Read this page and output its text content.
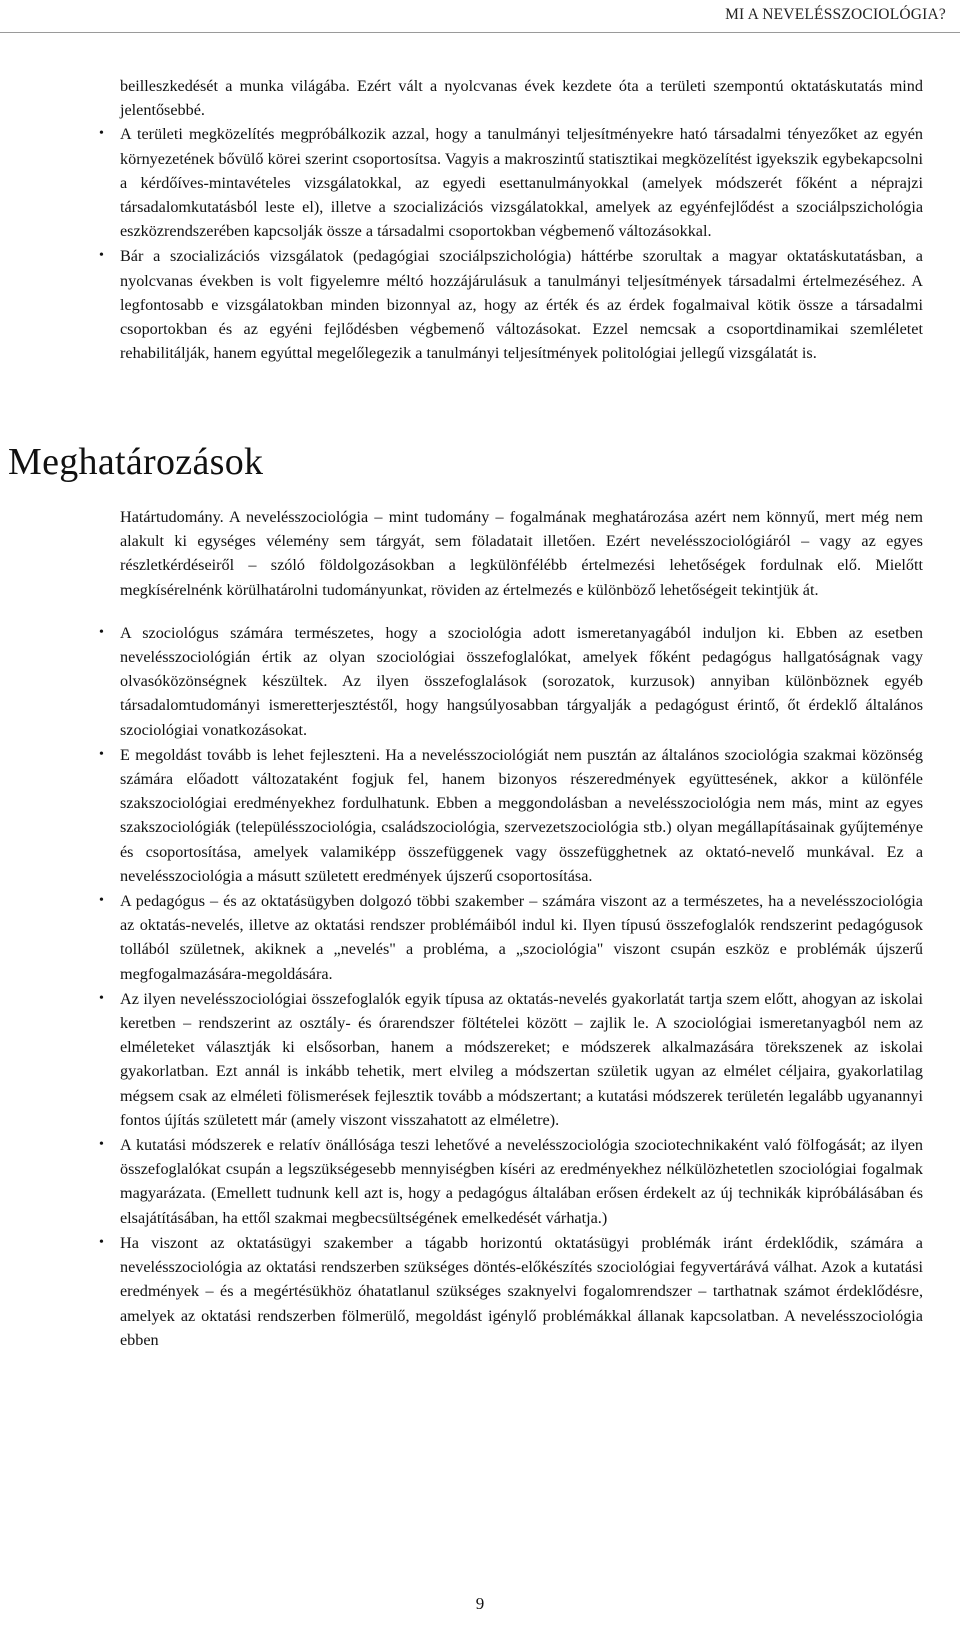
MI A NEVELÉSSZOCIOLÓGIA?

beilleszkedését a munka világába. Ezért vált a nyolcvanas évek kezdete óta a területi szempontú oktatáskutatás mind jelentősebbé.

• A területi megközelítés megpróbálkozik azzal, hogy a tanulmányi teljesítményekre ható társadalmi tényezőket az egyén környezetének bővülő körei szerint csoportosítsa. Vagyis a makroszintű statisztikai megközelítést igyekszik egybekapcsolni a kérdőíves-mintavételes vizsgálatokkal, az egyedi esettanulmányokkal (amelyek módszerét főként a néprajzi társadalomkutatásból leste el), illetve a szocializációs vizsgálatokkal, amelyek az egyénfejlődést a szociálpszichológia eszközrendszerében kapcsolják össze a társadalmi csoportokban végbemenő változásokkal.
• Bár a szocializációs vizsgálatok (pedagógiai szociálpszichológia) háttérbe szorultak a magyar oktatáskutatásban, a nyolcvanas években is volt figyelemre méltó hozzájárulásuk a tanulmányi teljesítmények társadalmi értelmezéséhez. A legfontosabb e vizsgálatokban minden bizonnyal az, hogy az érték és az érdek fogalmaival kötik össze a társadalmi csoportokban és az egyéni fejlődésben végbemenő változásokat. Ezzel nemcsak a csoportdinamikai szemléletet rehabilitálják, hanem egyúttal megelőlegezik a tanulmányi teljesítmények politológiai jellegű vizsgálatát is.
Meghatározások

Határtudomány. A nevelésszociológia – mint tudomány – fogalmának meghatározása azért nem könnyű, mert még nem alakult ki egységes vélemény sem tárgyát, sem föladatait illetően. Ezért nevelésszociológiáról – vagy az egyes részletkérdéseiről – szóló földolgozásokban a legkülönfélébb értelmezési lehetőségek fordulnak elő. Mielőtt megkísérelnénk körülhatárolni tudományunkat, röviden az értelmezés e különböző lehetőségeit tekintjük át.

• A szociológus számára természetes, hogy a szociológia adott ismeretanyagából induljon ki. Ebben az esetben nevelésszociológián értik az olyan szociológiai összefoglalókat, amelyek főként pedagógus hallgatóságnak vagy olvasóközönségnek készültek. Az ilyen összefoglalások (sorozatok, kurzusok) annyiban különböznek egyéb társadalomtudományi ismeretterjesztéstől, hogy hangsúlyosabban tárgyalják a pedagógust érintő, őt érdeklő általános szociológiai vonatkozásokat.
• E megoldást tovább is lehet fejleszteni. Ha a nevelésszociológiát nem pusztán az általános szociológia szakmai közönség számára előadott változataként fogjuk fel, hanem bizonyos részeredmények együttesének, akkor a különféle szakszociológiai eredményekhez fordulhatunk. Ebben a meggondolásban a nevelésszociológia nem más, mint az egyes szakszociológiák (településszociológia, családszociológia, szervezetszociológia stb.) olyan megállapításainak gyűjteménye és csoportosítása, amelyek valamiképp összefüggenek vagy összefügghetnek az oktató-nevelő munkával. Ez a nevelésszociológia a másutt született eredmények újszerű csoportosítása.
• A pedagógus – és az oktatásügyben dolgozó többi szakember – számára viszont az a természetes, ha a nevelésszociológia az oktatás-nevelés, illetve az oktatási rendszer problémáiból indul ki. Ilyen típusú összefoglalók rendszerint pedagógusok tollából születnek, akiknek a „nevelés" a probléma, a „szociológia" viszont csupán eszköz e problémák újszerű megfogalmazására-megoldására.
• Az ilyen nevelésszociológiai összefoglalók egyik típusa az oktatás-nevelés gyakorlatát tartja szem előtt, ahogyan az iskolai keretben – rendszerint az osztály- és órarendszer föltételei között – zajlik le. A szociológiai ismeretanyagból nem az elméleteket választják ki elsősorban, hanem a módszereket; e módszerek alkalmazására törekszenek az iskolai gyakorlatban. Ezt annál is inkább tehetik, mert elvileg a módszertan születik ugyan az elmélet céljaira, gyakorlatilag mégsem csak az elméleti fölismerések fejlesztik tovább a módszertant; a kutatási módszerek területén legalább ugyanannyi fontos újítás született már (amely viszont visszahatott az elméletre).
• A kutatási módszerek e relatív önállósága teszi lehetővé a nevelésszociológia szociotechnikaként való fölfogását; az ilyen összefoglalókat csupán a legszükségesebb mennyiségben kíséri az eredményekhez nélkülözhetetlen szociológiai fogalmak magyarázata. (Emellett tudnunk kell azt is, hogy a pedagógus általában erősen érdekelt az új technikák kipróbálásában és elsajátításában, ha ettől szakmai megbecsültségének emelkedését várhatja.)
• Ha viszont az oktatásügyi szakember a tágabb horizontú oktatásügyi problémák iránt érdeklődik, számára a nevelésszociológia az oktatási rendszerben szükséges döntés-előkészítés szociológiai fegyvertárává válhat. Azok a kutatási eredmények – és a megértésükhöz óhatatlanul szükséges szaknyelvi fogalomrendszer – tarthatnak számot érdeklődésre, amelyek az oktatási rendszerben fölmerülő, megoldást igénylő problémákkal állanak kapcsolatban. A nevelésszociológia ebben
9
